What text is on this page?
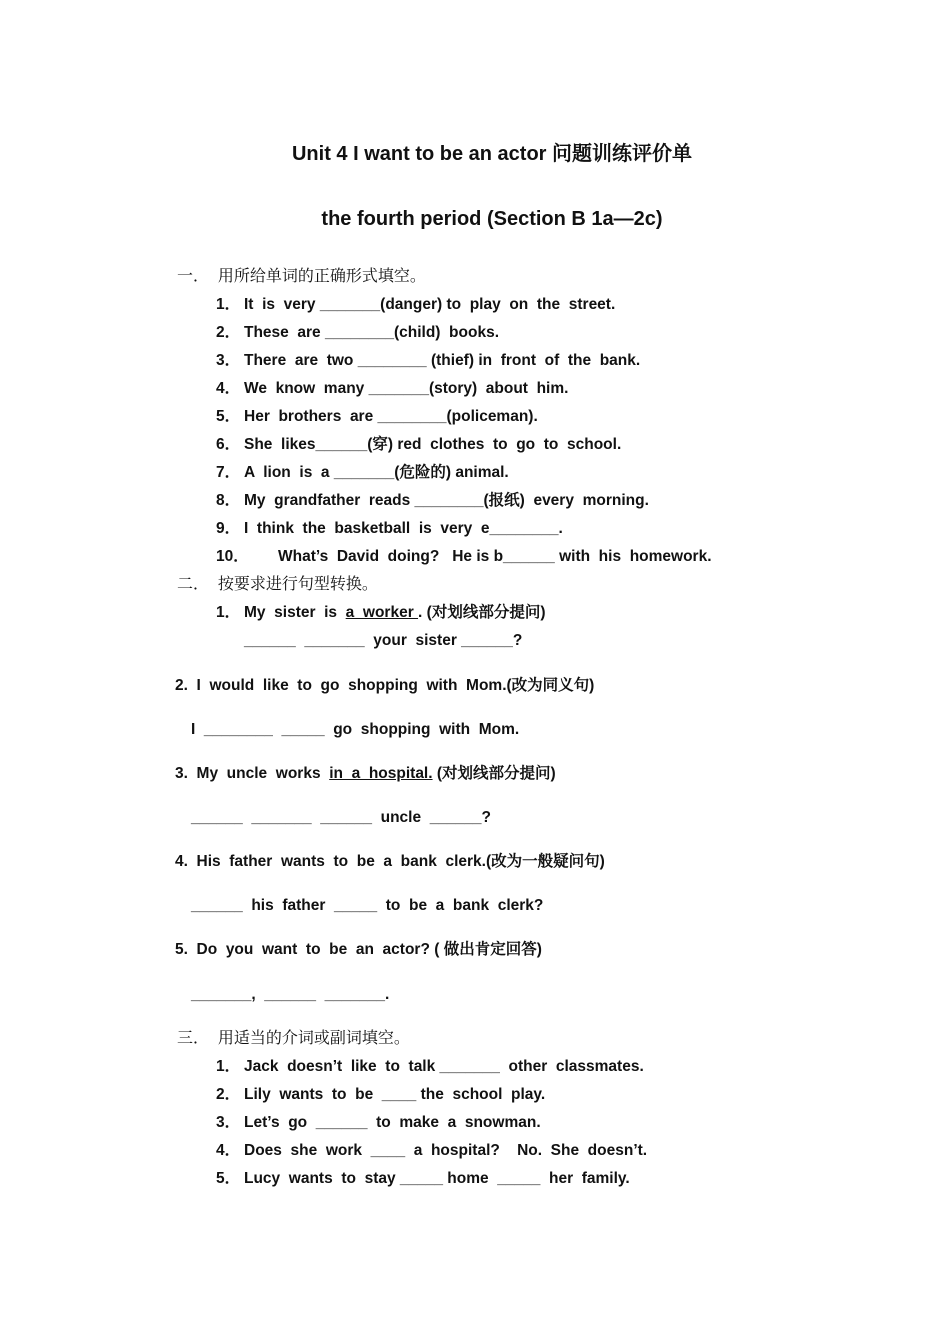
Unit 4 I want to be an actor 问题训练评价单
the fourth period (Section B 1a—2c)
一．  用所给单词的正确形式填空。
1． It  is  very _______(danger) to  play  on  the  street.
2． These  are ________(child)  books.
3． There  are  two ________ (thief) in  front  of  the  bank.
4． We  know  many _______(story)  about  him.
5． Her  brothers  are ________(policeman).
6． She  likes______(穿) red  clothes  to  go  to  school.
7． A  lion  is  a _______(危险的) animal.
8． My  grandfather  reads ________(报纸)  every  morning.
9． I  think  the  basketball  is  very  e________.
10． What’s  David  doing?   He is b______ with  his  homework.
二．  按要求进行句型转换。
1． My  sister  is  a  worker . (对划线部分提问)
______  _______  your  sister ______?
2.  I  would  like  to  go  shopping  with  Mom.(改为同义句)
I  ________  _____  go  shopping  with  Mom.
3.  My  uncle  works  in  a  hospital. (对划线部分提问)
______  _______  ______  uncle  ______?
4.  His  father  wants  to  be  a  bank  clerk.(改为一般疑问句)
______  his  father  _____  to  be  a  bank  clerk?
5.  Do  you  want  to  be  an  actor? ( 做出肯定回答)
_______,  ______  _______.
三．  用适当的介词或副词填空。
1． Jack  doesn’t  like  to  talk _______  other  classmates.
2． Lily  wants  to  be  ____ the  school  play.
3． Let’s  go  ______  to  make  a  snowman.
4． Does  she  work  ____  a  hospital?    No.  She  doesn’t.
5． Lucy  wants  to  stay _____ home  _____  her  family.
